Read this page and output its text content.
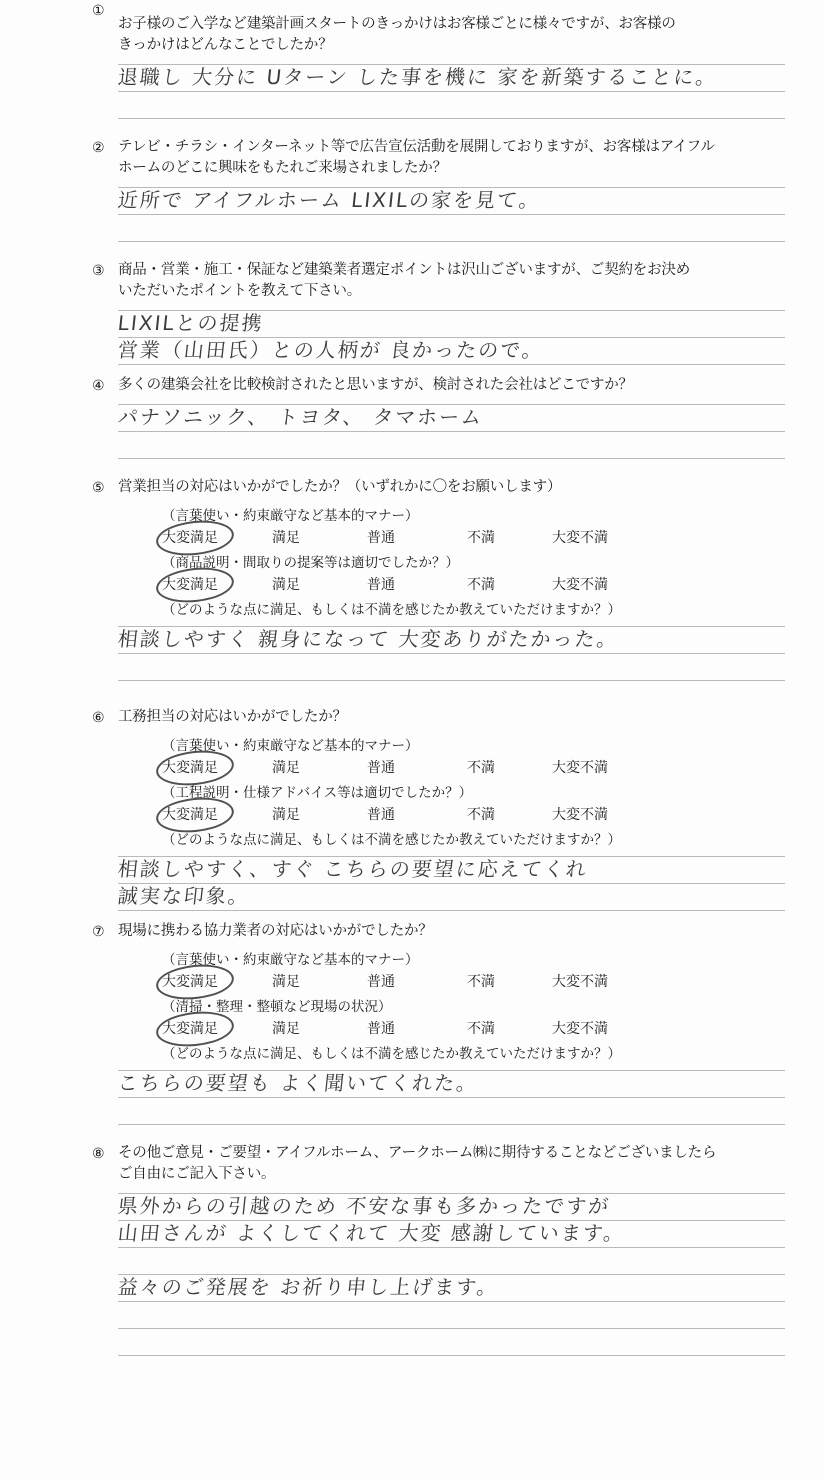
①
お子様のご入学など建築計画スタートのきっかけはお客様ごとに様々ですが、お客様の
きっかけはどんなことでしたか？
退職し 大分に Uターン した事を機に 家を新築することに。
② テレビ・チラシ・インターネット等で広告宣伝活動を展開しておりますが、お客様はアイフル
ホームのどこに興味をもたれご来場されましたか？
近所で アイフルホーム LIXILの家を見て。
③ 商品・営業・施工・保証など建築業者選定ポイントは沢山ございますが、ご契約をお決め
いただいたポイントを教えて下さい。
LIXILとの提携
営業（山田氏）との人柄が 良かったので。
④ 多くの建築会社を比較検討されたと思いますが、検討された会社はどこですか？
パナソニック、 トヨタ、 タマホーム
⑤ 営業担当の対応はいかがでしたか？（いずれかに〇をお願いします）
（言葉使い・約束厳守など基本的マナー）
大変満足	満足	普通	不満	大変不満
（商品説明・間取りの提案等は適切でしたか？）
大変満足	満足	普通	不満	大変不満
（どのような点に満足、もしくは不満を感じたか教えていただけますか？）
相談しやすく 親身になって 大変ありがたかった。
⑥ 工務担当の対応はいかがでしたか？
（言葉使い・約束厳守など基本的マナー）
大変満足	満足	普通	不満	大変不満
（工程説明・仕様アドバイス等は適切でしたか？）
大変満足	満足	普通	不満	大変不満
（どのような点に満足、もしくは不満を感じたか教えていただけますか？）
相談しやすく、すぐ こちらの要望に応えてくれ
誠実な印象。
⑦ 現場に携わる協力業者の対応はいかがでしたか？
（言葉使い・約束厳守など基本的マナー）
大変満足	満足	普通	不満	大変不満
（清掃・整理・整頓など現場の状況）
大変満足	満足	普通	不満	大変不満
（どのような点に満足、もしくは不満を感じたか教えていただけますか？）
こちらの要望も よく聞いてくれた。
⑧ その他ご意見・ご要望・アイフルホーム、アークホーム㈱に期待することなどございましたら
ご自由にご記入下さい。
県外からの引越のため 不安な事も多かったですが
山田さんが よくしてくれて 大変 感謝しています。
益々のご発展を お祈り申し上げます。
